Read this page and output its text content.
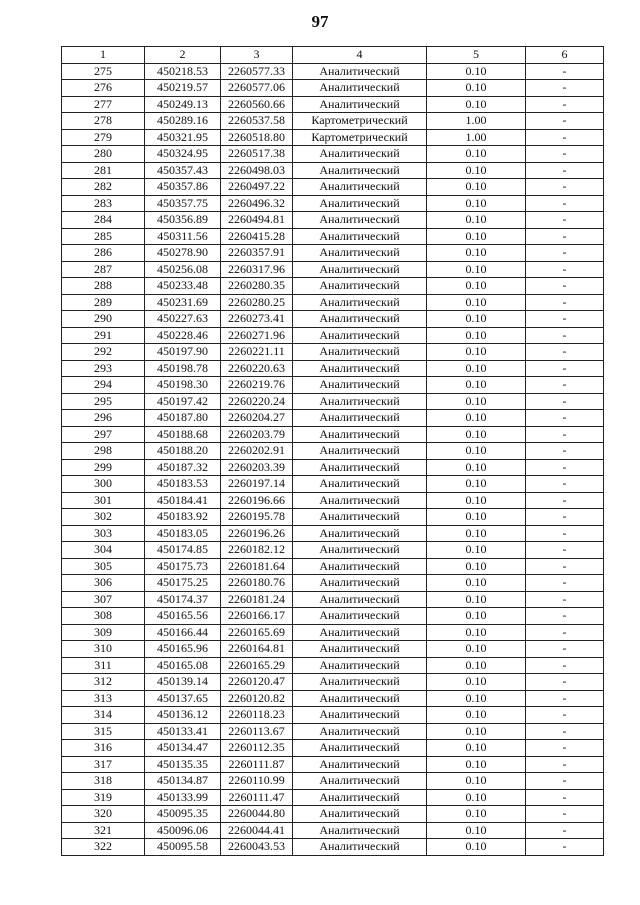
97
1	2	3	4	5	6
275	450218.53	2260577.33	Аналитический	0.10	-
276	450219.57	2260577.06	Аналитический	0.10	-
277	450249.13	2260560.66	Аналитический	0.10	-
278	450289.16	2260537.58	Картометрический	1.00	-
279	450321.95	2260518.80	Картометрический	1.00	-
280	450324.95	2260517.38	Аналитический	0.10	-
281	450357.43	2260498.03	Аналитический	0.10	-
282	450357.86	2260497.22	Аналитический	0.10	-
283	450357.75	2260496.32	Аналитический	0.10	-
284	450356.89	2260494.81	Аналитический	0.10	-
285	450311.56	2260415.28	Аналитический	0.10	-
286	450278.90	2260357.91	Аналитический	0.10	-
287	450256.08	2260317.96	Аналитический	0.10	-
288	450233.48	2260280.35	Аналитический	0.10	-
289	450231.69	2260280.25	Аналитический	0.10	-
290	450227.63	2260273.41	Аналитический	0.10	-
291	450228.46	2260271.96	Аналитический	0.10	-
292	450197.90	2260221.11	Аналитический	0.10	-
293	450198.78	2260220.63	Аналитический	0.10	-
294	450198.30	2260219.76	Аналитический	0.10	-
295	450197.42	2260220.24	Аналитический	0.10	-
296	450187.80	2260204.27	Аналитический	0.10	-
297	450188.68	2260203.79	Аналитический	0.10	-
298	450188.20	2260202.91	Аналитический	0.10	-
299	450187.32	2260203.39	Аналитический	0.10	-
300	450183.53	2260197.14	Аналитический	0.10	-
301	450184.41	2260196.66	Аналитический	0.10	-
302	450183.92	2260195.78	Аналитический	0.10	-
303	450183.05	2260196.26	Аналитический	0.10	-
304	450174.85	2260182.12	Аналитический	0.10	-
305	450175.73	2260181.64	Аналитический	0.10	-
306	450175.25	2260180.76	Аналитический	0.10	-
307	450174.37	2260181.24	Аналитический	0.10	-
308	450165.56	2260166.17	Аналитический	0.10	-
309	450166.44	2260165.69	Аналитический	0.10	-
310	450165.96	2260164.81	Аналитический	0.10	-
311	450165.08	2260165.29	Аналитический	0.10	-
312	450139.14	2260120.47	Аналитический	0.10	-
313	450137.65	2260120.82	Аналитический	0.10	-
314	450136.12	2260118.23	Аналитический	0.10	-
315	450133.41	2260113.67	Аналитический	0.10	-
316	450134.47	2260112.35	Аналитический	0.10	-
317	450135.35	2260111.87	Аналитический	0.10	-
318	450134.87	2260110.99	Аналитический	0.10	-
319	450133.99	2260111.47	Аналитический	0.10	-
320	450095.35	2260044.80	Аналитический	0.10	-
321	450096.06	2260044.41	Аналитический	0.10	-
322	450095.58	2260043.53	Аналитический	0.10	-
